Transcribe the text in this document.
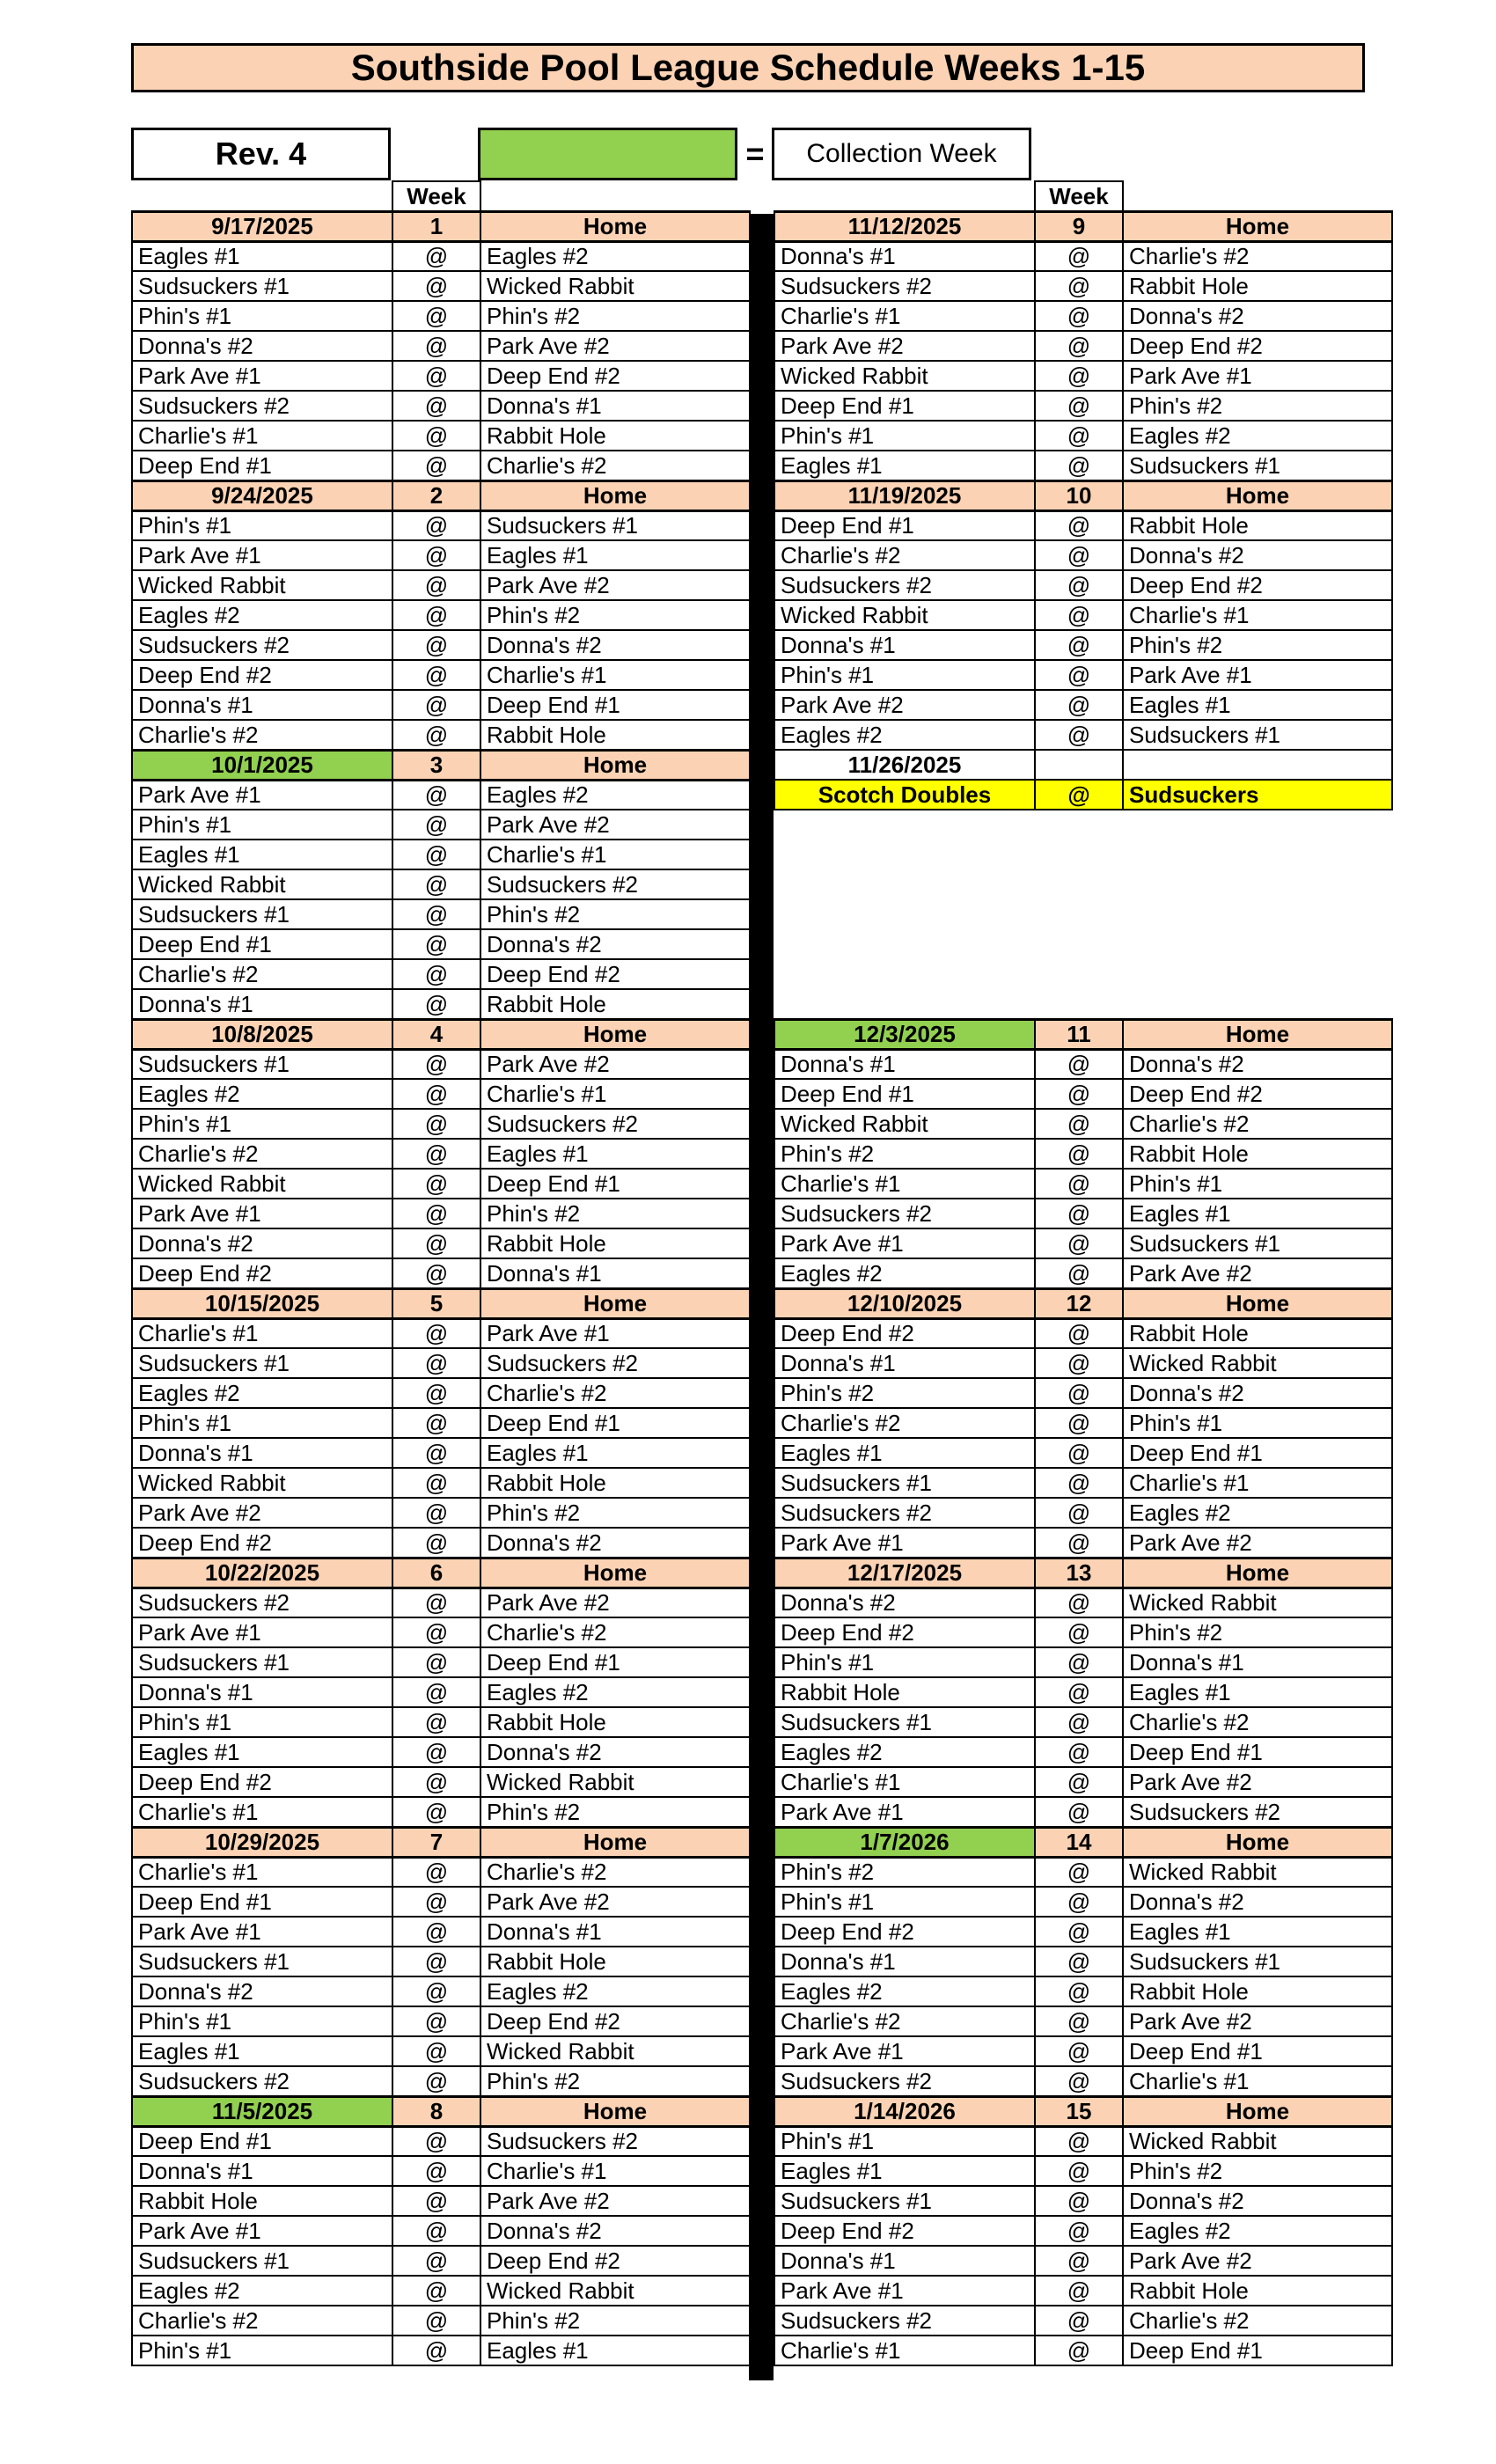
Southside Pool League Schedule Weeks 1-15
Rev. 4	=	Collection Week
	Week	
9/17/2025	1	Home
Eagles #1	@	Eagles #2
Sudsuckers #1	@	Wicked Rabbit
Phin's #1	@	Phin's #2
Donna's #2	@	Park Ave #2
Park Ave #1	@	Deep End #2
Sudsuckers #2	@	Donna's #1
Charlie's #1	@	Rabbit Hole
Deep End #1	@	Charlie's #2
9/24/2025	2	Home
Phin's #1	@	Sudsuckers #1
Park Ave #1	@	Eagles #1
Wicked Rabbit	@	Park Ave #2
Eagles #2	@	Phin's #2
Sudsuckers #2	@	Donna's #2
Deep End #2	@	Charlie's #1
Donna's #1	@	Deep End #1
Charlie's #2	@	Rabbit Hole
10/1/2025	3	Home
Park Ave #1	@	Eagles #2
Phin's #1	@	Park Ave #2
Eagles #1	@	Charlie's #1
Wicked Rabbit	@	Sudsuckers #2
Sudsuckers #1	@	Phin's #2
Deep End #1	@	Donna's #2
Charlie's #2	@	Deep End #2
Donna's #1	@	Rabbit Hole
10/8/2025	4	Home
Sudsuckers #1	@	Park Ave #2
Eagles #2	@	Charlie's #1
Phin's #1	@	Sudsuckers #2
Charlie's #2	@	Eagles #1
Wicked Rabbit	@	Deep End #1
Park Ave #1	@	Phin's #2
Donna's #2	@	Rabbit Hole
Deep End #2	@	Donna's #1
10/15/2025	5	Home
Charlie's #1	@	Park Ave #1
Sudsuckers #1	@	Sudsuckers #2
Eagles #2	@	Charlie's #2
Phin's #1	@	Deep End #1
Donna's #1	@	Eagles #1
Wicked Rabbit	@	Rabbit Hole
Park Ave #2	@	Phin's #2
Deep End #2	@	Donna's #2
10/22/2025	6	Home
Sudsuckers #2	@	Park Ave #2
Park Ave #1	@	Charlie's #2
Sudsuckers #1	@	Deep End #1
Donna's #1	@	Eagles #2
Phin's #1	@	Rabbit Hole
Eagles #1	@	Donna's #2
Deep End #2	@	Wicked Rabbit
Charlie's #1	@	Phin's #2
10/29/2025	7	Home
Charlie's #1	@	Charlie's #2
Deep End #1	@	Park Ave #2
Park Ave #1	@	Donna's #1
Sudsuckers #1	@	Rabbit Hole
Donna's #2	@	Eagles #2
Phin's #1	@	Deep End #2
Eagles #1	@	Wicked Rabbit
Sudsuckers #2	@	Phin's #2
11/5/2025	8	Home
Deep End #1	@	Sudsuckers #2
Donna's #1	@	Charlie's #1
Rabbit Hole	@	Park Ave #2
Park Ave #1	@	Donna's #2
Sudsuckers #1	@	Deep End #2
Eagles #2	@	Wicked Rabbit
Charlie's #2	@	Phin's #2
Phin's #1	@	Eagles #1
	Week	
11/12/2025	9	Home
Donna's #1	@	Charlie's #2
Sudsuckers #2	@	Rabbit Hole
Charlie's #1	@	Donna's #2
Park Ave #2	@	Deep End #2
Wicked Rabbit	@	Park Ave #1
Deep End #1	@	Phin's #2
Phin's #1	@	Eagles #2
Eagles #1	@	Sudsuckers #1
11/19/2025	10	Home
Deep End #1	@	Rabbit Hole
Charlie's #2	@	Donna's #2
Sudsuckers #2	@	Deep End #2
Wicked Rabbit	@	Charlie's #1
Donna's #1	@	Phin's #2
Phin's #1	@	Park Ave #1
Park Ave #2	@	Eagles #1
Eagles #2	@	Sudsuckers #1
11/26/2025		
Scotch Doubles	@	Sudsuckers

12/3/2025	11	Home
Donna's #1	@	Donna's #2
Deep End #1	@	Deep End #2
Wicked Rabbit	@	Charlie's #2
Phin's #2	@	Rabbit Hole
Charlie's #1	@	Phin's #1
Sudsuckers #2	@	Eagles #1
Park Ave #1	@	Sudsuckers #1
Eagles #2	@	Park Ave #2
12/10/2025	12	Home
Deep End #2	@	Rabbit Hole
Donna's #1	@	Wicked Rabbit
Phin's #2	@	Donna's #2
Charlie's #2	@	Phin's #1
Eagles #1	@	Deep End #1
Sudsuckers #1	@	Charlie's #1
Sudsuckers #2	@	Eagles #2
Park Ave #1	@	Park Ave #2
12/17/2025	13	Home
Donna's #2	@	Wicked Rabbit
Deep End #2	@	Phin's #2
Phin's #1	@	Donna's #1
Rabbit Hole	@	Eagles #1
Sudsuckers #1	@	Charlie's #2
Eagles #2	@	Deep End #1
Charlie's #1	@	Park Ave #2
Park Ave #1	@	Sudsuckers #2
1/7/2026	14	Home
Phin's #2	@	Wicked Rabbit
Phin's #1	@	Donna's #2
Deep End #2	@	Eagles #1
Donna's #1	@	Sudsuckers #1
Eagles #2	@	Rabbit Hole
Charlie's #2	@	Park Ave #2
Park Ave #1	@	Deep End #1
Sudsuckers #2	@	Charlie's #1
1/14/2026	15	Home
Phin's #1	@	Wicked Rabbit
Eagles #1	@	Phin's #2
Sudsuckers #1	@	Donna's #2
Deep End #2	@	Eagles #2
Donna's #1	@	Park Ave #2
Park Ave #1	@	Rabbit Hole
Sudsuckers #2	@	Charlie's #2
Charlie's #1	@	Deep End #1
